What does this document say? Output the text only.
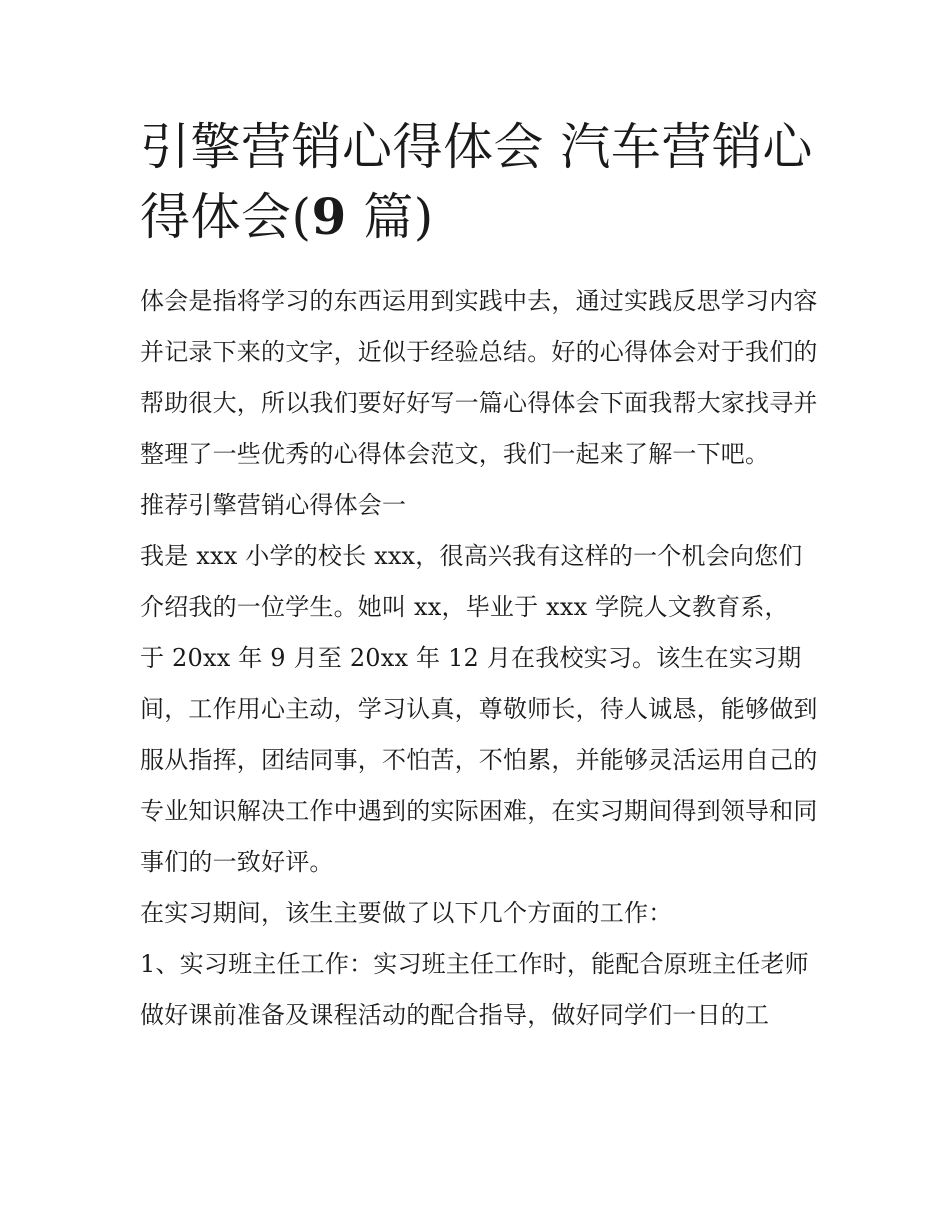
引擎营销心得体会 汽车营销心得体会(9 篇)

体会是指将学习的东西运用到实践中去，通过实践反思学习内容并记录下来的文字，近似于经验总结。好的心得体会对于我们的帮助很大，所以我们要好好写一篇心得体会下面我帮大家找寻并整理了一些优秀的心得体会范文，我们一起来了解一下吧。

推荐引擎营销心得体会一

我是 xxx 小学的校长 xxx，很高兴我有这样的一个机会向您们介绍我的一位学生。她叫 xx，毕业于 xxx 学院人文教育系，

于 20xx 年 9 月至 20xx 年 12 月在我校实习。该生在实习期间，工作用心主动，学习认真，尊敬师长，待人诚恳，能够做到服从指挥，团结同事，不怕苦，不怕累，并能够灵活运用自己的专业知识解决工作中遇到的实际困难，在实习期间得到领导和同事们的一致好评。

在实习期间，该生主要做了以下几个方面的工作：

1、实习班主任工作：实习班主任工作时，能配合原班主任老师做好课前准备及课程活动的配合指导，做好同学们一日的工
